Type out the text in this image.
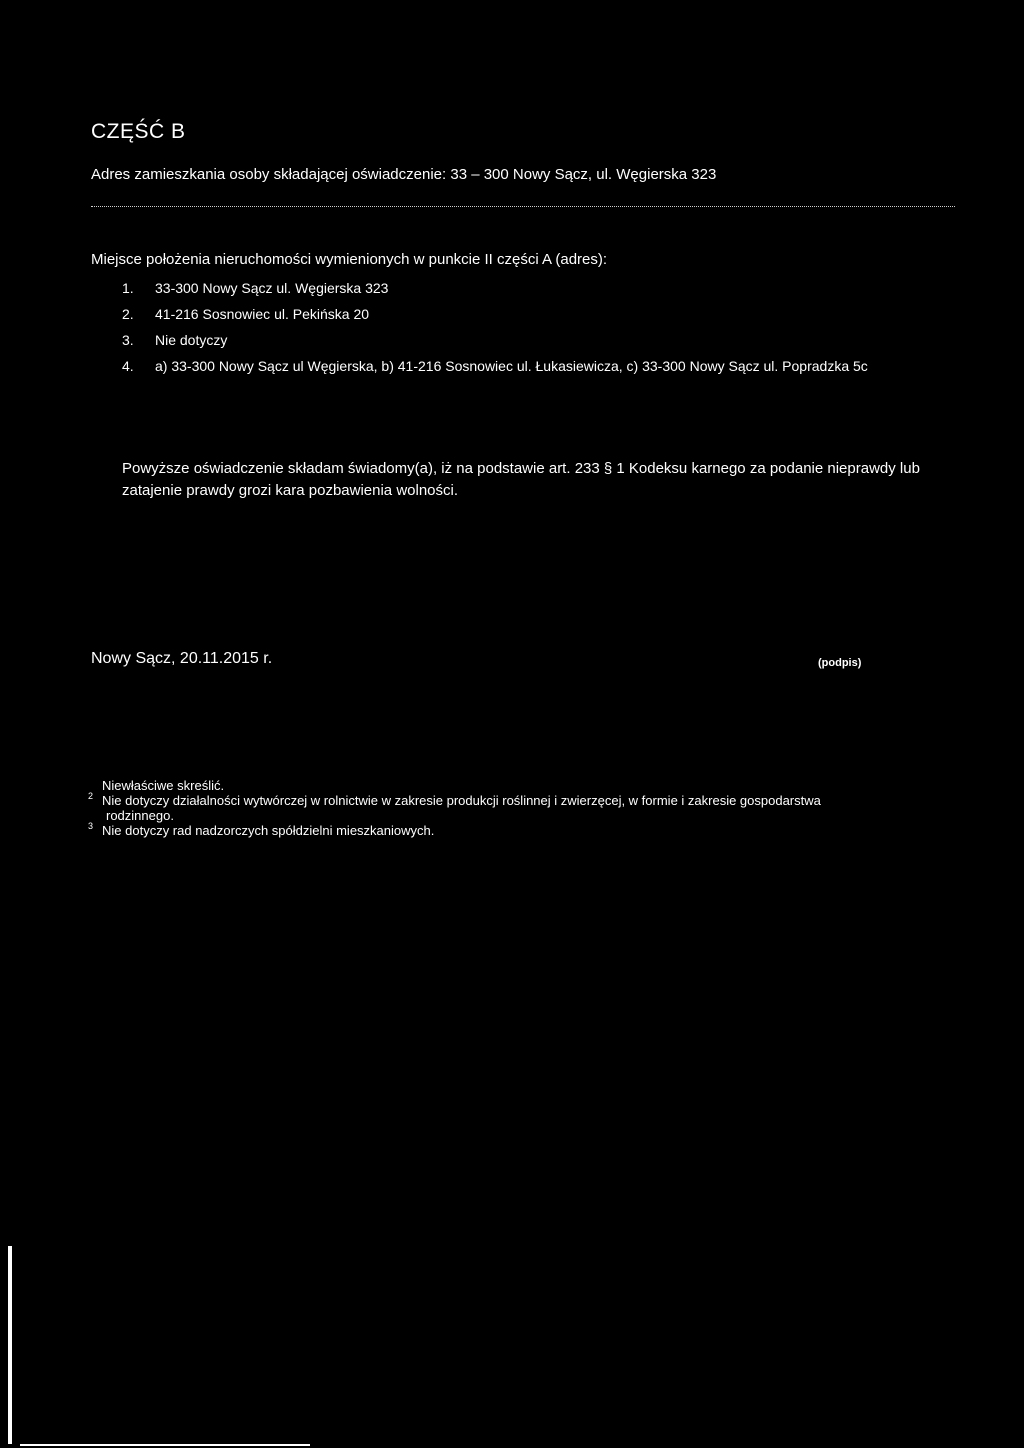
CZĘŚĆ B
Adres zamieszkania osoby składającej oświadczenie: 33 – 300 Nowy Sącz, ul. Węgierska 323
Miejsce położenia nieruchomości wymienionych w punkcie II części A (adres):
1.	33-300 Nowy Sącz ul. Węgierska 323
2.	41-216 Sosnowiec ul. Pekińska 20
3.	Nie dotyczy
4.	a) 33-300 Nowy Sącz ul Węgierska, b) 41-216 Sosnowiec ul. Łukasiewicza, c) 33-300 Nowy Sącz ul. Popradzka 5c
Powyższe oświadczenie składam świadomy(a), iż na podstawie art. 233 § 1 Kodeksu karnego za podanie nieprawdy lub zatajenie prawdy grozi kara pozbawienia wolności.
Nowy Sącz, 20.11.2015 r.	(podpis)
Niewłaściwe skreślić.
2 Nie dotyczy działalności wytwórczej w rolnictwie w zakresie produkcji roślinnej i zwierzęcej, w formie i zakresie gospodarstwa
rodzinnego.
3 Nie dotyczy rad nadzorczych spółdzielni mieszkaniowych.
